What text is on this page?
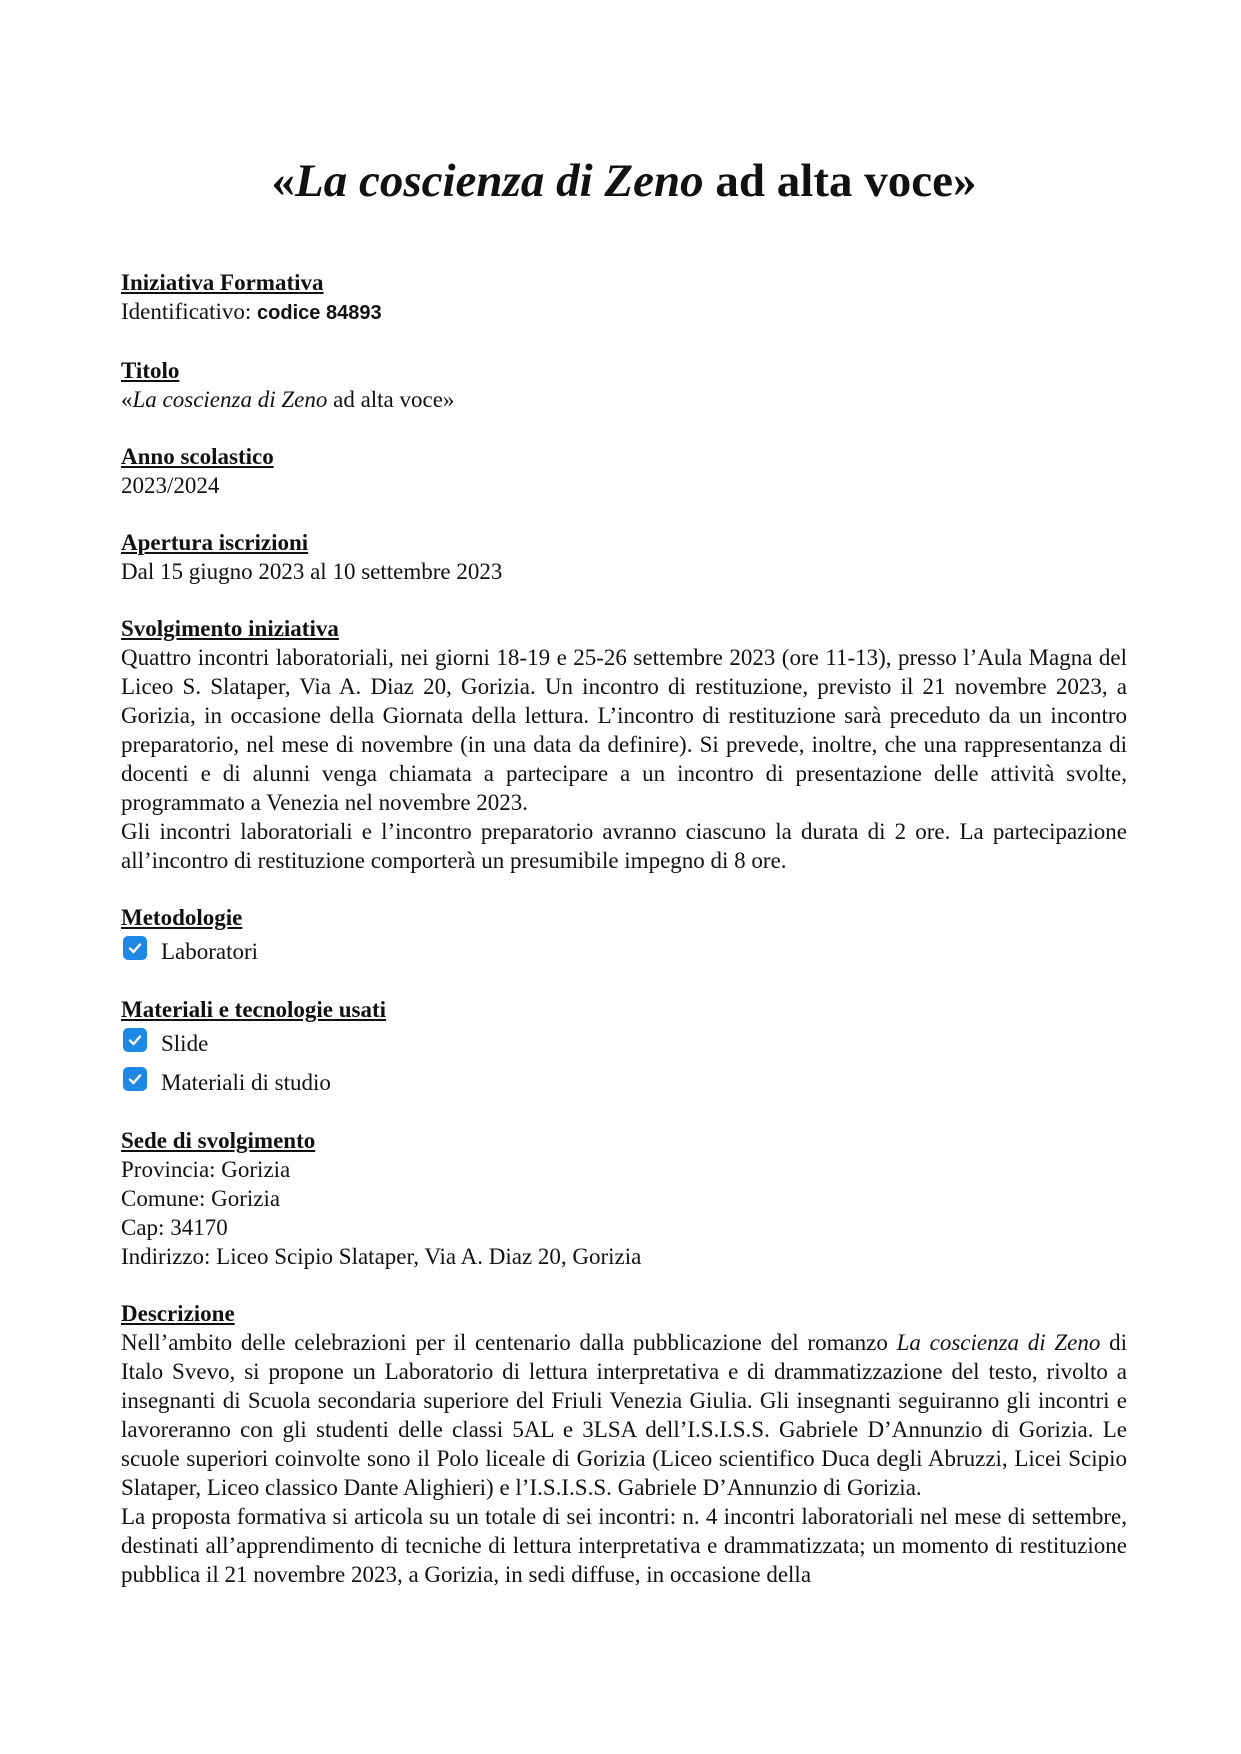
«La coscienza di Zeno ad alta voce»
Iniziativa Formativa
Identificativo: codice 84893
Titolo
«La coscienza di Zeno ad alta voce»
Anno scolastico
2023/2024
Apertura iscrizioni
Dal 15 giugno 2023 al 10 settembre 2023
Svolgimento iniziativa

Quattro incontri laboratoriali, nei giorni 18-19 e 25-26 settembre 2023 (ore 11-13), presso l’Aula Magna del Liceo S. Slataper, Via A. Diaz 20, Gorizia. Un incontro di restituzione, previsto il 21 novembre 2023, a Gorizia, in occasione della Giornata della lettura. L’incontro di restituzione sarà preceduto da un incontro preparatorio, nel mese di novembre (in una data da definire). Si prevede, inoltre, che una rappresentanza di docenti e di alunni venga chiamata a partecipare a un incontro di presentazione delle attività svolte, programmato a Venezia nel novembre 2023.

Gli incontri laboratoriali e l’incontro preparatorio avranno ciascuno la durata di 2 ore. La partecipazione all’incontro di restituzione comporterà un presumibile impegno di 8 ore.

Metodologie
Laboratori
Materiali e tecnologie usati
Slide
Materiali di studio
Sede di svolgimento
Provincia: Gorizia
Comune: Gorizia
Cap: 34170
Indirizzo: Liceo Scipio Slataper, Via A. Diaz 20, Gorizia
Descrizione

Nell’ambito delle celebrazioni per il centenario dalla pubblicazione del romanzo La coscienza di Zeno di Italo Svevo, si propone un Laboratorio di lettura interpretativa e di drammatizzazione del testo, rivolto a insegnanti di Scuola secondaria superiore del Friuli Venezia Giulia. Gli insegnanti seguiranno gli incontri e lavoreranno con gli studenti delle classi 5AL e 3LSA dell’I.S.I.S.S. Gabriele D’Annunzio di Gorizia. Le scuole superiori coinvolte sono il Polo liceale di Gorizia (Liceo scientifico Duca degli Abruzzi, Licei Scipio Slataper, Liceo classico Dante Alighieri) e l’I.S.I.S.S. Gabriele D’Annunzio di Gorizia.

La proposta formativa si articola su un totale di sei incontri: n. 4 incontri laboratoriali nel mese di settembre, destinati all’apprendimento di tecniche di lettura interpretativa e drammatizzata; un momento di restituzione pubblica il 21 novembre 2023, a Gorizia, in sedi diffuse, in occasione della
